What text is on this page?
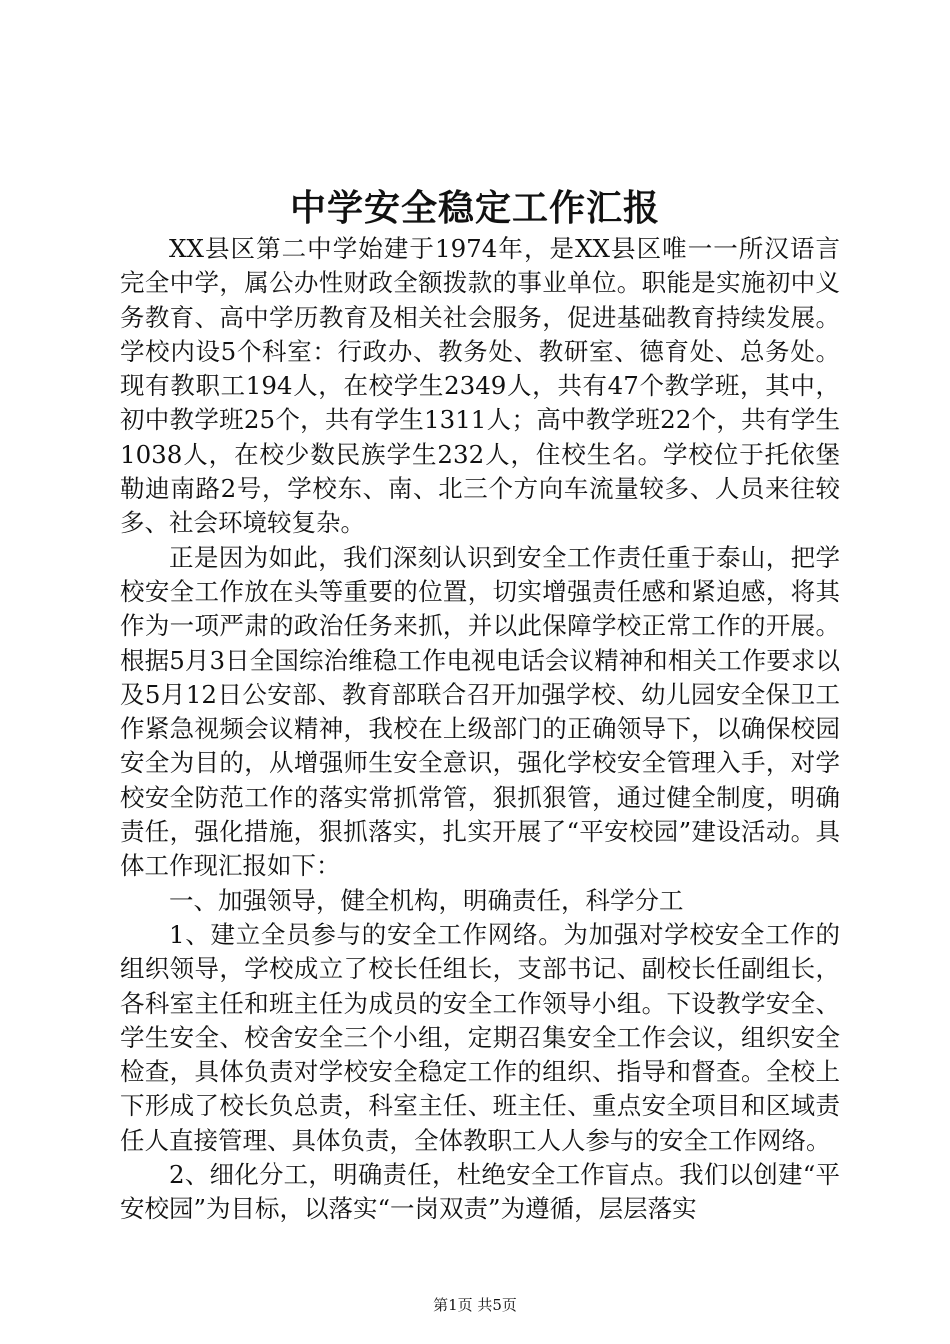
中学安全稳定工作汇报

XX县区第二中学始建于1974年，是XX县区唯一一所汉语言完全中学，属公办性财政全额拨款的事业单位。职能是实施初中义务教育、高中学历教育及相关社会服务，促进基础教育持续发展。学校内设5个科室：行政办、教务处、教研室、德育处、总务处。现有教职工194人，在校学生2349人，共有47个教学班，其中，初中教学班25个，共有学生1311人；高中教学班22个，共有学生1038人，在校少数民族学生232人，住校生名。学校位于托依堡勒迪南路2号，学校东、南、北三个方向车流量较多、人员来往较多、社会环境较复杂。

正是因为如此，我们深刻认识到安全工作责任重于泰山，把学校安全工作放在头等重要的位置，切实增强责任感和紧迫感，将其作为一项严肃的政治任务来抓，并以此保障学校正常工作的开展。根据5月3日全国综治维稳工作电视电话会议精神和相关工作要求以及5月12日公安部、教育部联合召开加强学校、幼儿园安全保卫工作紧急视频会议精神，我校在上级部门的正确领导下，以确保校园安全为目的，从增强师生安全意识，强化学校安全管理入手，对学校安全防范工作的落实常抓常管，狠抓狠管，通过健全制度，明确责任，强化措施，狠抓落实，扎实开展了“平安校园”建设活动。具体工作现汇报如下：

一、加强领导，健全机构，明确责任，科学分工

1、建立全员参与的安全工作网络。为加强对学校安全工作的组织领导，学校成立了校长任组长，支部书记、副校长任副组长，各科室主任和班主任为成员的安全工作领导小组。下设教学安全、学生安全、校舍安全三个小组，定期召集安全工作会议，组织安全检查，具体负责对学校安全稳定工作的组织、指导和督查。全校上下形成了校长负总责，科室主任、班主任、重点安全项目和区域责任人直接管理、具体负责，全体教职工人人参与的安全工作网络。

2、细化分工，明确责任，杜绝安全工作盲点。我们以创建“平安校园”为目标，以落实“一岗双责”为遵循，层层落实

第1页 共5页
